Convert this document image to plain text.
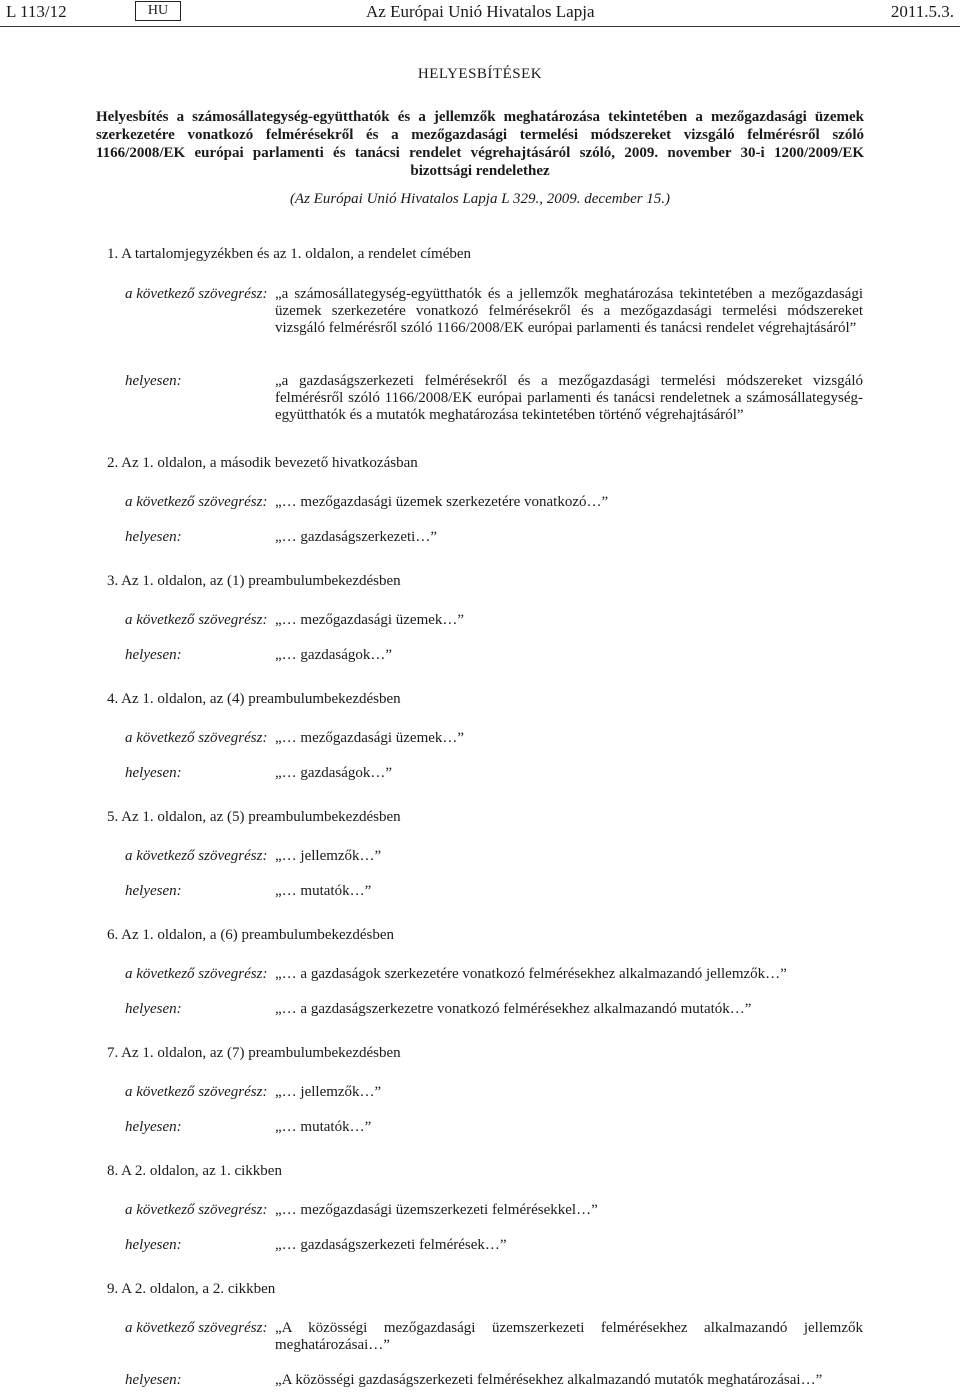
L 113/12	HU	Az Európai Unió Hivatalos Lapja	2011.5.3.
HELYESBÍTÉSEK
Helyesbítés a számosállategység-együtthatók és a jellemzők meghatározása tekintetében a mezőgazdasági üzemek szerkezetére vonatkozó felmérésekről és a mezőgazdasági termelési módszereket vizsgáló felmérésről szóló 1166/2008/EK európai parlamenti és tanácsi rendelet végrehajtásáról szóló, 2009. november 30-i 1200/2009/EK bizottsági rendelethez
(Az Európai Unió Hivatalos Lapja L 329., 2009. december 15.)
1. A tartalomjegyzékben és az 1. oldalon, a rendelet címében
a következő szövegrész: „a számosállategység-együtthatók és a jellemzők meghatározása tekintetében a mezőgazdasági üzemek szerkezetére vonatkozó felmérésekről és a mezőgazdasági termelési módszereket vizsgáló felmérésről szóló 1166/2008/EK európai parlamenti és tanácsi rendelet végrehajtásáról”
helyesen:	„a gazdaságszerkezeti felmérésekről és a mezőgazdasági termelési módszereket vizsgáló felmérésről szóló 1166/2008/EK európai parlamenti és tanácsi rendeletnek a számosállategység-együtthatók és a mutatók meghatározása tekintetében történő végrehajtásáról”
2. Az 1. oldalon, a második bevezető hivatkozásban
a következő szövegrész: „… mezőgazdasági üzemek szerkezetére vonatkozó…”
helyesen:	„… gazdaságszerkezeti…”
3. Az 1. oldalon, az (1) preambulumbekezdésben
a következő szövegrész: „… mezőgazdasági üzemek…”
helyesen:	„… gazdaságok…”
4. Az 1. oldalon, az (4) preambulumbekezdésben
a következő szövegrész: „… mezőgazdasági üzemek…”
helyesen:	„… gazdaságok…”
5. Az 1. oldalon, az (5) preambulumbekezdésben
a következő szövegrész: „… jellemzők…”
helyesen:	„… mutatók…”
6. Az 1. oldalon, a (6) preambulumbekezdésben
a következő szövegrész: „… a gazdaságok szerkezetére vonatkozó felmérésekhez alkalmazandó jellemzők…”
helyesen:	„… a gazdaságszerkezetre vonatkozó felmérésekhez alkalmazandó mutatók…”
7. Az 1. oldalon, az (7) preambulumbekezdésben
a következő szövegrész: „… jellemzők…”
helyesen:	„… mutatók…”
8. A 2. oldalon, az 1. cikkben
a következő szövegrész: „… mezőgazdasági üzemszerkezeti felmérésekkel…”
helyesen:	„… gazdaságszerkezeti felmérések…”
9. A 2. oldalon, a 2. cikkben
a következő szövegrész: „A közösségi mezőgazdasági üzemszerkezeti felmérésekhez alkalmazandó jellemzők meghatározásai…”
helyesen:	„A közösségi gazdaságszerkezeti felmérésekhez alkalmazandó mutatók meghatározásai…”
